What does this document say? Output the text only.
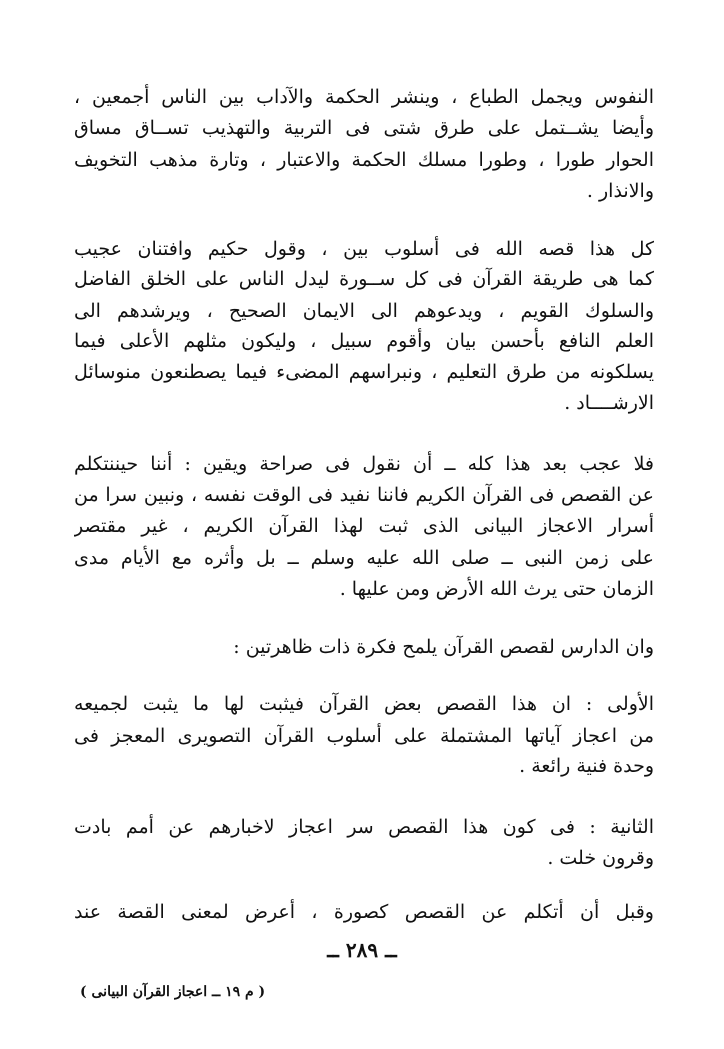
النفوس ويجمل الطباع ، وينشر الحكمة والآداب بين الناس أجمعين ،
وأيضا يشــتمل على طرق شتى فى التربية والتهذيب تســاق مساق
الحوار طورا ، وطورا مسلك الحكمة والاعتبار ، وتارة مذهب التخويف
والانذار .
كل هذا قصه الله فى أسلوب بين ، وقول حكيم وافتنان عجيب
كما هى طريقة القرآن فى كل ســورة ليدل الناس على الخلق الفاضل
والسلوك القويم ، ويدعوهم الى الايمان الصحيح ، ويرشدهم الى
العلم النافع بأحسن بيان وأقوم سبيل ، وليكون مثلهم الأعلى فيما
يسلكونه من طرق التعليم ، ونبراسهم المضىء فيما يصطنعون منوسائل
الارشــــاد .
فلا عجب بعد هذا كله ــ أن نقول فى صراحة ويقين : أننا حيننتكلم
عن القصص فى القرآن الكريم فاننا نفيد فى الوقت نفسه ، ونبين سرا من
أسرار الاعجاز البيانى الذى ثبت لهذا القرآن الكريم ، غير مقتصر
على زمن النبى ــ صلى الله عليه وسلم ــ بل وأثره مع الأيام مدى
الزمان حتى يرث الله الأرض ومن عليها .
وان الدارس لقصص القرآن يلمح فكرة ذات ظاهرتين :
الأولى : ان هذا القصص بعض القرآن فيثبت لها ما يثبت لجميعه
من اعجاز آياتها المشتملة على أسلوب القرآن التصويرى المعجز فى
وحدة فنية رائعة .
الثانية : فى كون هذا القصص سر اعجاز لاخبارهم عن أمم بادت
وقرون خلت .
وقبل أن أتكلم عن القصص كصورة ، أعرض لمعنى القصة عند
ــ ٢٨٩ ــ
( م ١٩ ــ اعجاز القرآن البيانى )
